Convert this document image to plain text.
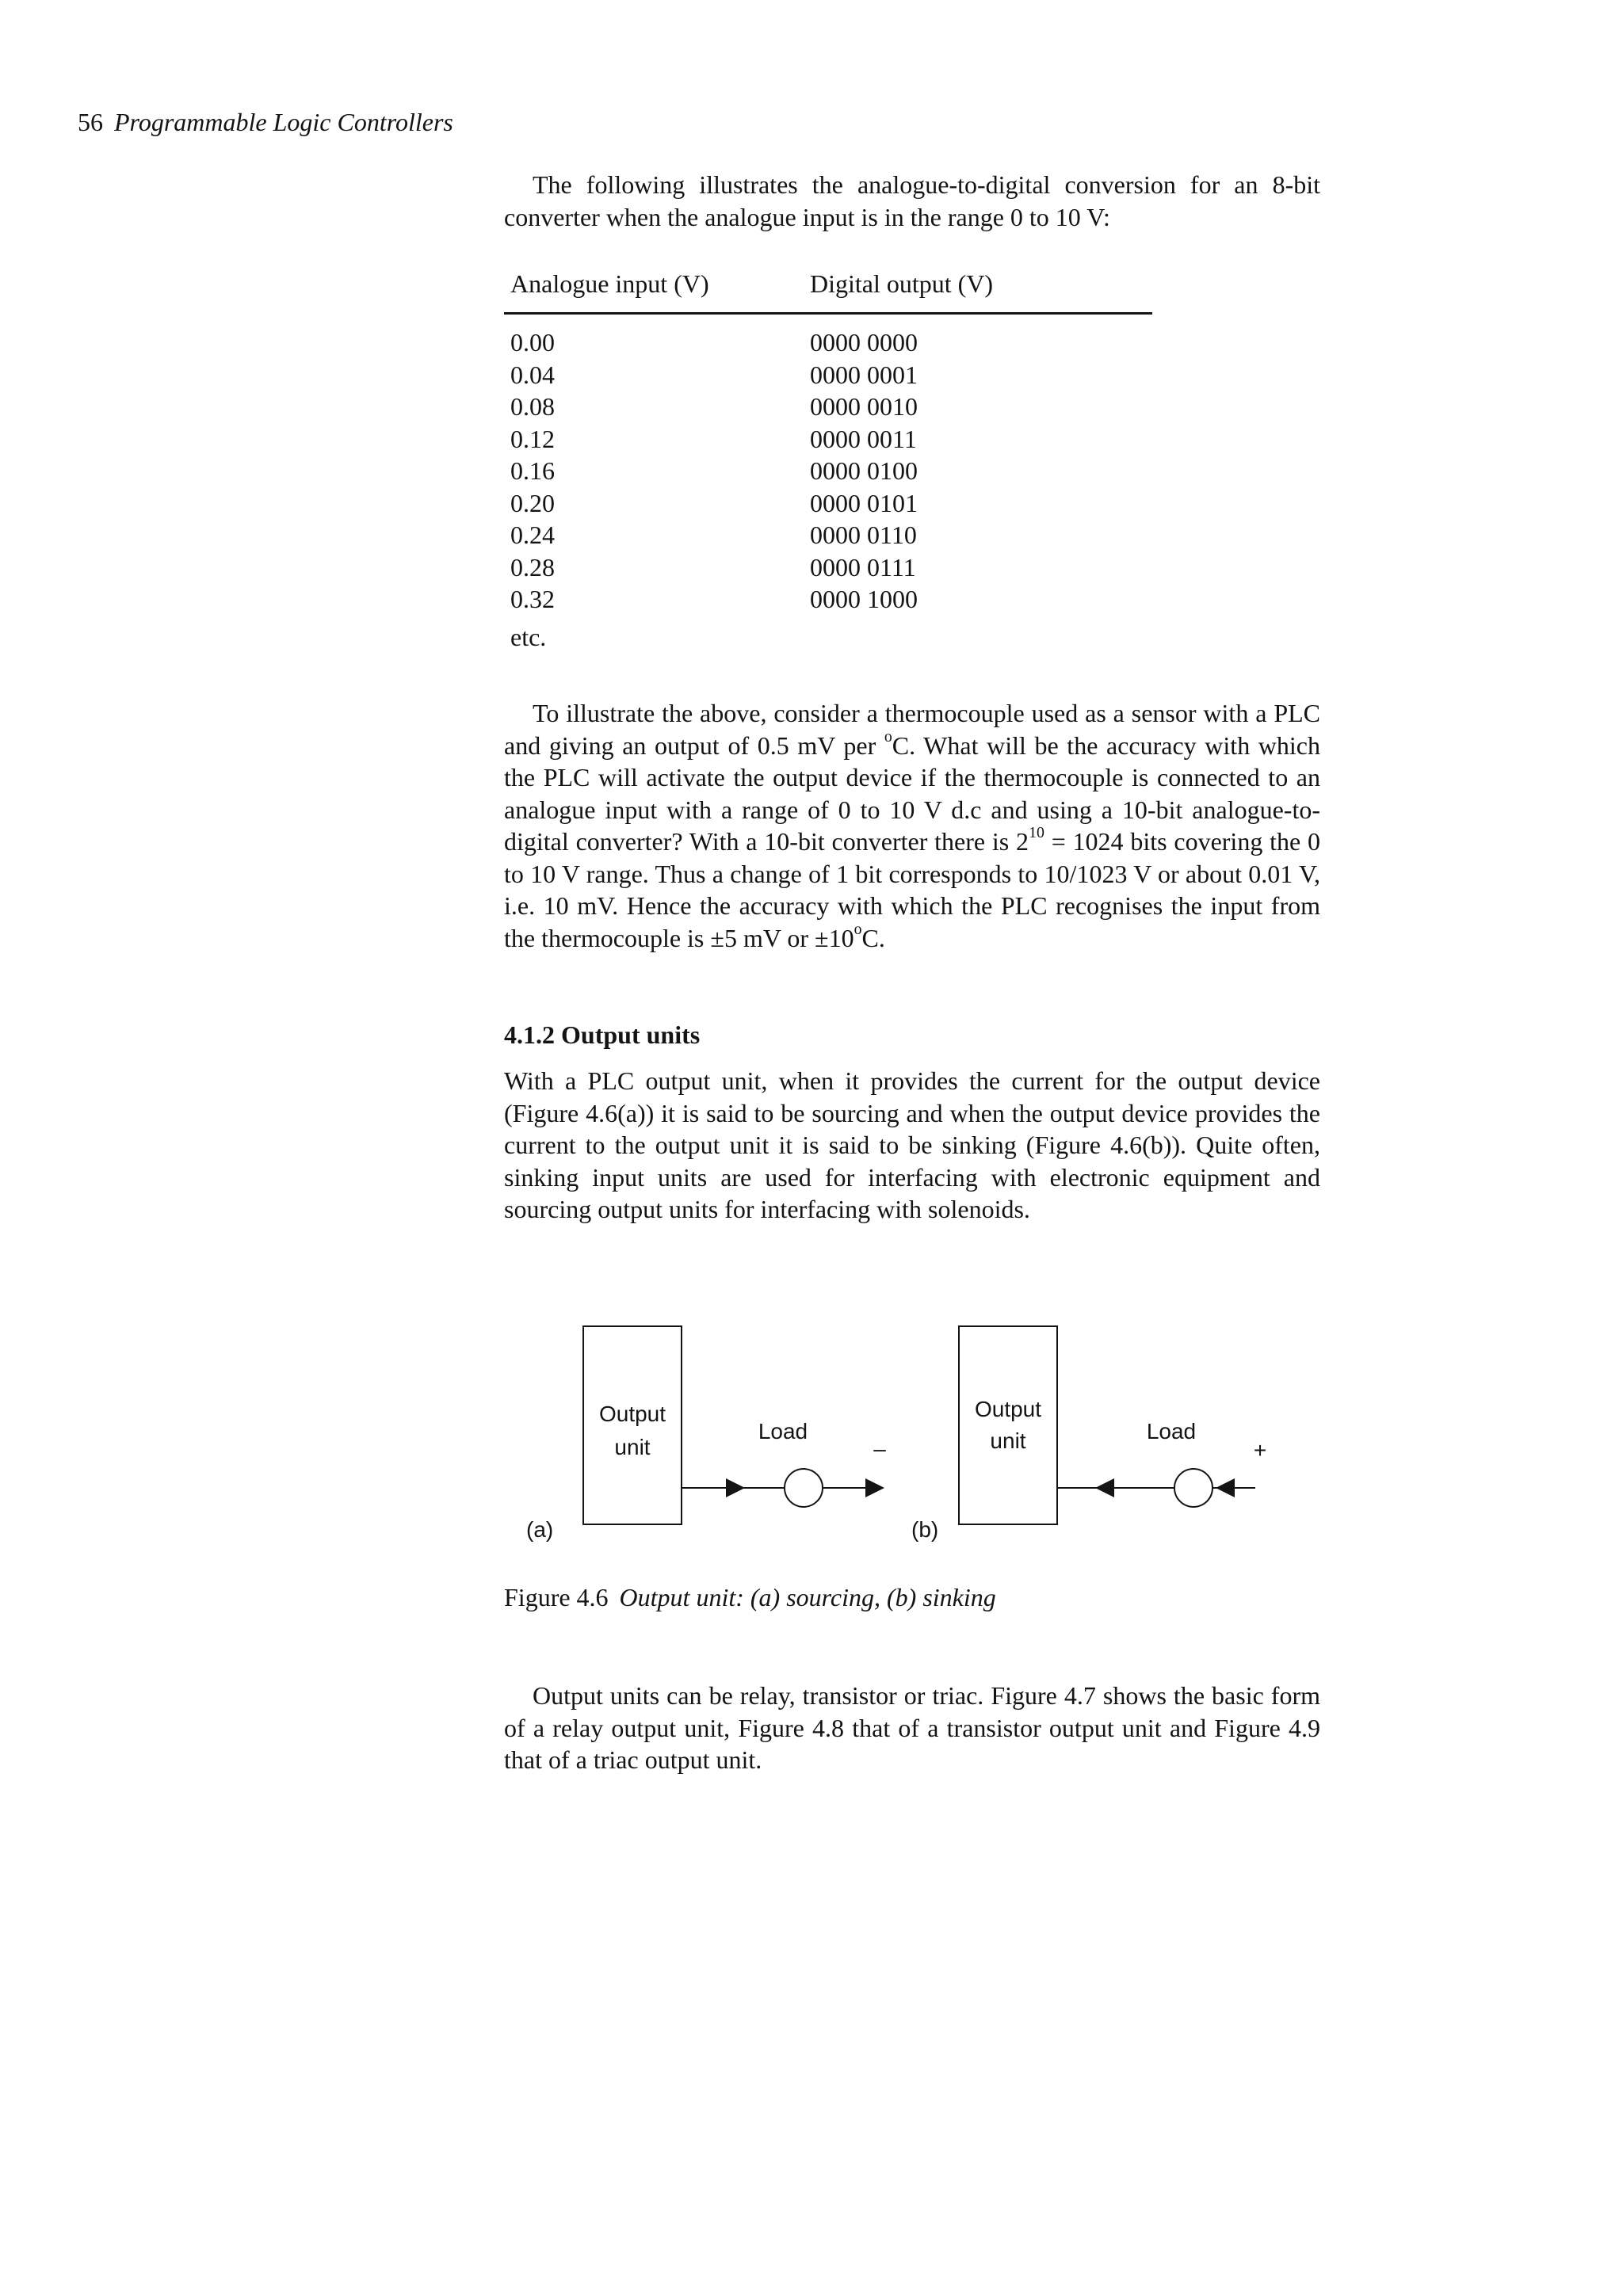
56 Programmable Logic Controllers

The following illustrates the analogue-to-digital conversion for an 8-bit converter when the analogue input is in the range 0 to 10 V:

Analogue input (V)	Digital output (V)
0.00	0000 0000
0.04	0000 0001
0.08	0000 0010
0.12	0000 0011
0.16	0000 0100
0.20	0000 0101
0.24	0000 0110
0.28	0000 0111
0.32	0000 1000
etc.

To illustrate the above, consider a thermocouple used as a sensor with a PLC and giving an output of 0.5 mV per $^o$C. What will be the accuracy with which the PLC will activate the output device if the thermocouple is connected to an analogue input with a range of 0 to 10 V d.c and using a 10-bit analogue-to-digital converter? With a 10-bit converter there is $2^{10} = 1024$ bits covering the 0 to 10 V range. Thus a change of 1 bit corresponds to 10/1023 V or about 0.01 V, i.e. 10 mV. Hence the accuracy with which the PLC recognises the input from the thermocouple is ±5 mV or $\pm 10^oC$.

4.1.2 Output units

With a PLC output unit, when it provides the current for the output device (Figure 4.6(a)) it is said to be sourcing and when the output device provides the current to the output unit it is said to be sinking (Figure 4.6(b)). Quite often, sinking input units are used for interfacing with electronic equipment and sourcing output units for interfacing with solenoids.

Output
unit
Load
–
(a)
Output
unit	Load
+
(b)
Figure 4.6 Output unit: (a) sourcing, (b) sinking

Output units can be relay, transistor or triac. Figure 4.7 shows the basic form of a relay output unit, Figure 4.8 that of a transistor output unit and Figure 4.9 that of a triac output unit.
